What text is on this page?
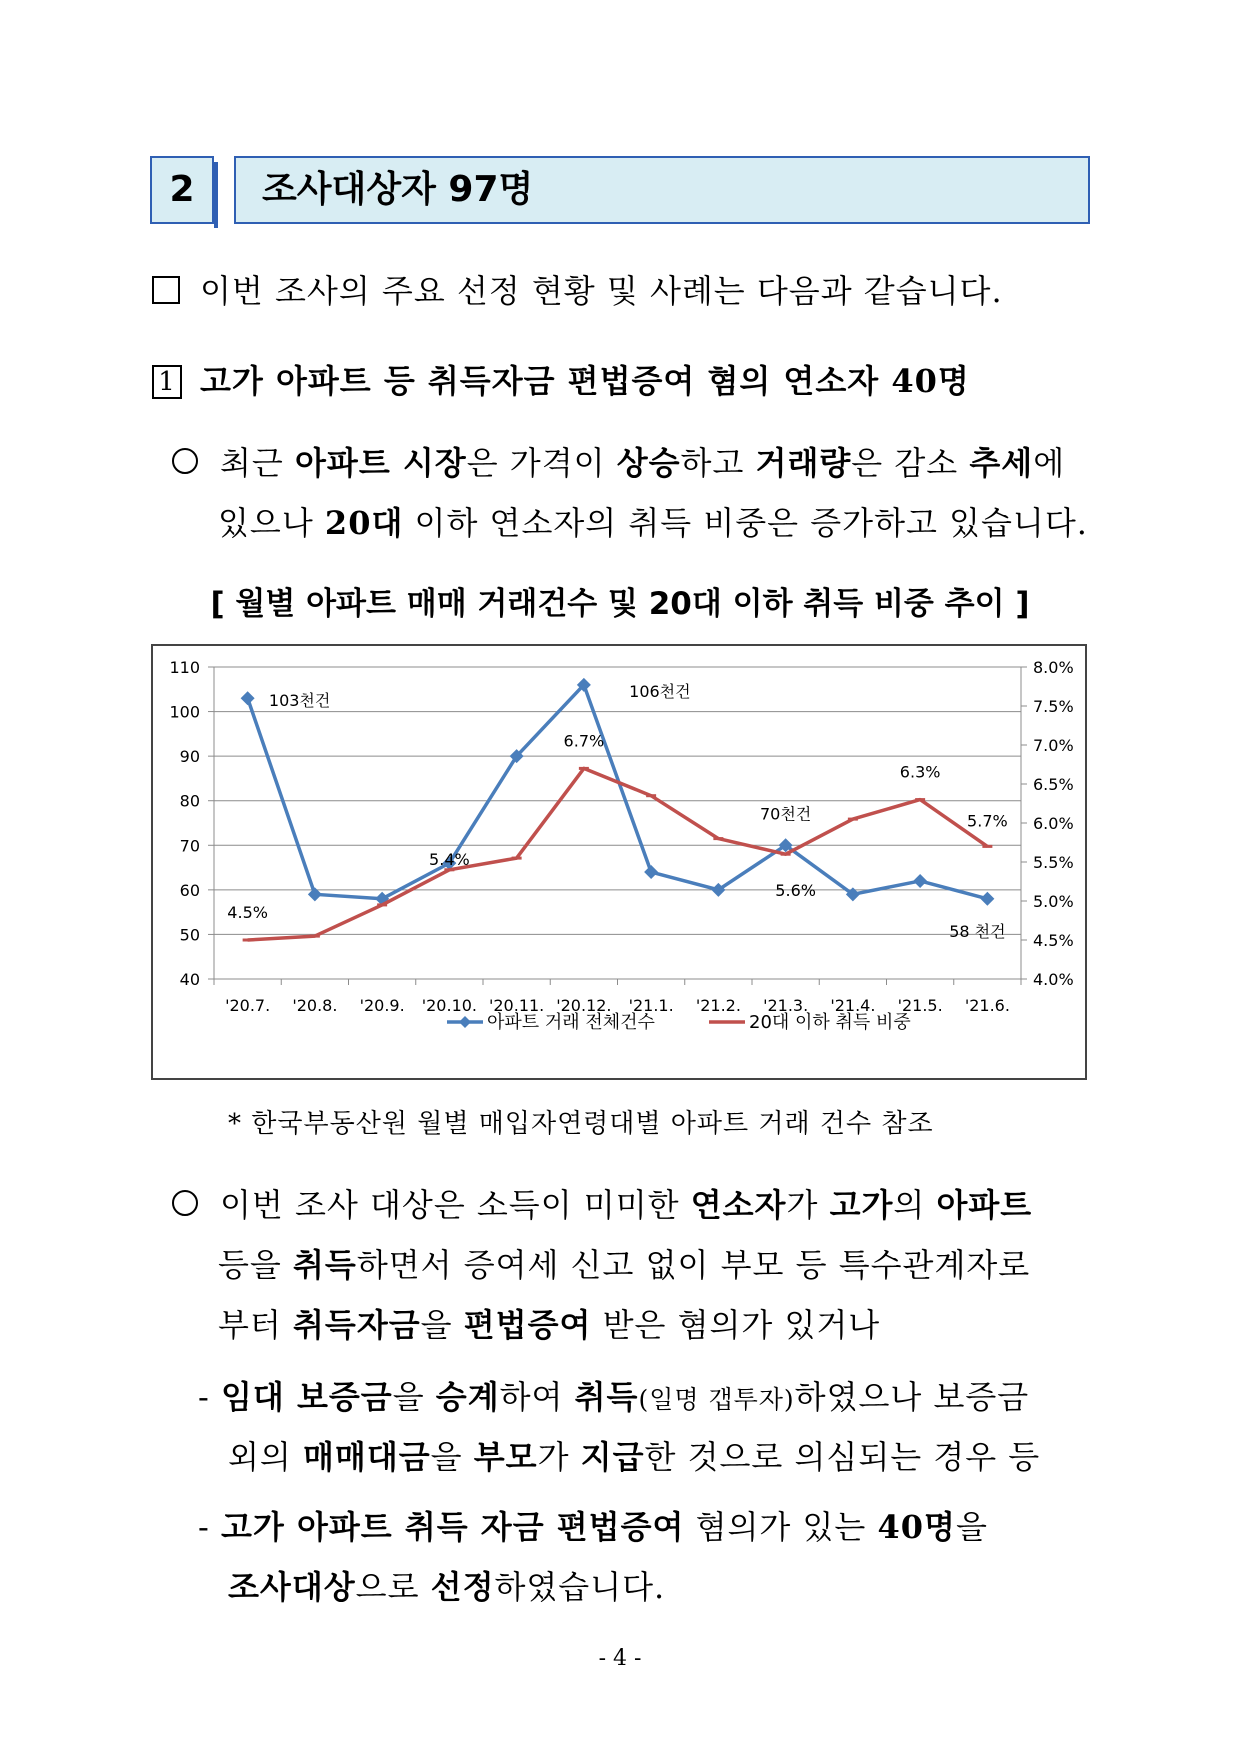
2	조사대상자 97명
이번 조사의 주요 선정 현황 및 사례는 다음과 같습니다.
1 고가 아파트 등 취득자금 편법증여 혐의 연소자 40명
최근 아파트 시장은 가격이 상승하고 거래량은 감소 추세에
있으나 20대 이하 연소자의 취득 비중은 증가하고 있습니다.
[ 월별 아파트 매매 거래건수 및 20대 이하 취득 비중 추이 ]
110
100
90
80
70
60
50
40
8.0%
7.5%
7.0%
6.5%
6.0%
5.5%
5.0%
4.5%
4.0%
'20.7. '20.8. '20.9. '20.10. '20.11. '20.12. '21.1. '21.2. '21.3. '21.4. '21.5. '21.6.
103천건	106천건
70천건
58 천건
4.5%
5.4%
6.7%
5.6%
6.3%
5.7%
아파트 거래 전체건수	20대 이하 취득 비중
* 한국부동산원 월별 매입자연령대별 아파트 거래 건수 참조
이번 조사 대상은 소득이 미미한 연소자가 고가의 아파트
등을 취득하면서 증여세 신고 없이 부모 등 특수관계자로
부터 취득자금을 편법증여 받은 혐의가 있거나
- 임대 보증금을 승계하여 취득(일명 갭투자)하였으나 보증금
외의 매매대금을 부모가 지급한 것으로 의심되는 경우 등
- 고가 아파트 취득 자금 편법증여 혐의가 있는 40명을
조사대상으로 선정하였습니다.
- 4 -
